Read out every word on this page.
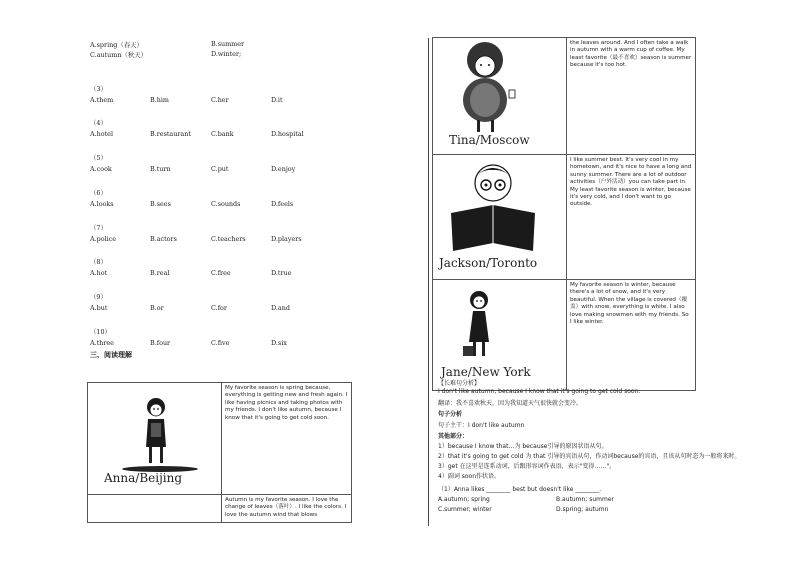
A.spring（春天）	B.summer
C.autumn（秋天）	D.winter;
（3）
A.them	B.him	C.her	D.it
（4）
A.hotel	B.restaurant	C.bank	D.hospital
（5）
A.cook	B.turn	C.put	D.enjoy
（6）
A.looks	B.sees	C.sounds	D.feels
（7）
A.police	B.actors	C.teachers	D.players
（8）
A.hot	B.real	C.free	D.true
（9）
A.but	B.or	C.for	D.and
（10）
A.three	B.four	C.five	D.six
三、阅读理解
Anna/Beijing	My favorite season is spring because, everything is getting new and fresh again. I like having picnics and taking photos with my friends. I don't like autumn, because I know that it's going to get cold soon.

	Autumn is my favorite season. I love the change of leaves（落叶）. I like the colors. I love the autumn wind that blows
Tina/Moscow	the leaves around. And I often take a walk in autumn with a warm cup of coffee. My least favorite（最不喜欢）season is summer because it's too hot.

Jackson/Toronto	I like summer best. It's very cool in my hometown, and it's nice to have a long and sunny summer. There are a lot of outdoor activities（户外活动）you can take part in. My least favorite season is winter, because it's very cold, and I don't want to go outside.

Jane/New York	My favorite season is winter, because there's a lot of snow, and it's very beautiful. When the village is covered（覆盖）with snow, everything is white. I also love making snowmen with my friends. So I like winter.
【长难句分析】
I don't like autumn, because I know that it's going to get cold soon.
翻译：我不喜欢秋天，因为我知道天气很快就会变冷。
句子分析
句子主干：I don't like autumn
其他部分：
1）because I know that…为 because引导的原因状语从句。
2）that it's going to get cold 为 that 引导的宾语从句，作动词because的宾语，且该从句时态为一般将来时。
3）get 在这里是连系动词，后跟形容词作表语，表示"变得……"。
4）副词 soon作状语。
（1）Anna likes ________ best but doesn't like ________.
A.autumn; spring	B.autumn; summer
C.summer; winter	D.spring; autumn
